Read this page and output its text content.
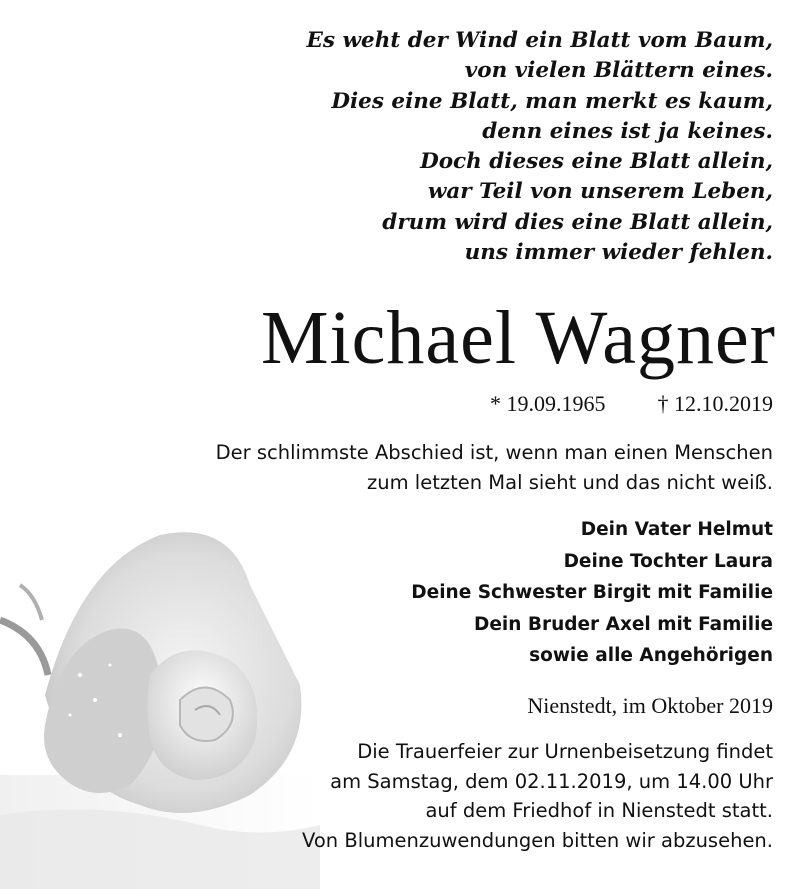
Es weht der Wind ein Blatt vom Baum,
von vielen Blättern eines.
Dies eine Blatt, man merkt es kaum,
denn eines ist ja keines.
Doch dieses eine Blatt allein,
war Teil von unserem Leben,
drum wird dies eine Blatt allein,
uns immer wieder fehlen.
Michael Wagner
* 19.09.1965 † 12.10.2019
Der schlimmste Abschied ist, wenn man einen Menschen
zum letzten Mal sieht und das nicht weiß.
Dein Vater Helmut
Deine Tochter Laura
Deine Schwester Birgit mit Familie
Dein Bruder Axel mit Familie
sowie alle Angehörigen
Nienstedt, im Oktober 2019
Die Trauerfeier zur Urnenbeisetzung findet
am Samstag, dem 02.11.2019, um 14.00 Uhr
auf dem Friedhof in Nienstedt statt.
Von Blumenzuwendungen bitten wir abzusehen.
